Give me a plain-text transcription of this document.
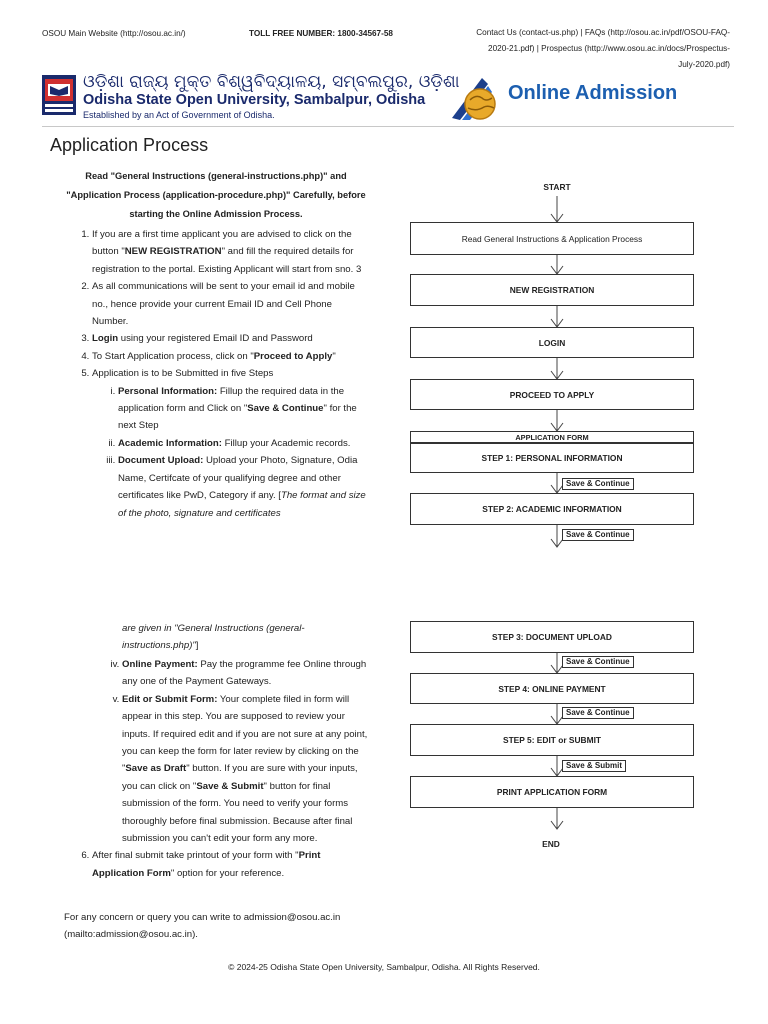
OSOU Main Website (http://osou.ac.in/)	TOLL FREE NUMBER: 1800-34567-58	Contact Us (contact-us.php) | FAQs (http://osou.ac.in/pdf/OSOU-FAQ-
2020-21.pdf) | Prospectus (http://www.osou.ac.in/docs/Prospectus-
July-2020.pdf)
ଓଡ଼ିଶା ରାଜ୍ୟ ମୁକ୍ତ ବିଶ୍ୱବିଦ୍ୟାଳୟ, ସମ୍ବଲପୁର, ଓଡ଼ିଶା
Odisha State Open University, Sambalpur, Odisha
Established by an Act of Government of Odisha.
Online Admission
Application Process
Read "General Instructions (general-instructions.php)" and "Application Process (application-procedure.php)" Carefully, before starting the Online Admission Process.
1. If you are a first time applicant you are advised to click on the button "NEW REGISTRATION" and fill the required details for registration to the portal. Existing Applicant will start from sno. 3
2. As all communications will be sent to your email id and mobile no., hence provide your current Email ID and Cell Phone Number.
3. Login using your registered Email ID and Password
4. To Start Application process, click on "Proceed to Apply"
5. Application is to be Submitted in five Steps
i. Personal Information: Fillup the required data in the application form and Click on "Save & Continue" for the next Step
ii. Academic Information: Fillup your Academic records.
iii. Document Upload: Upload your Photo, Signature, Odia Name, Certifcate of your qualifying degree and other certificates like PwD, Category if any. [The format and size of the photo, signature and certificates
are given in "General Instructions (general-instructions.php)"]
iv. Online Payment: Pay the programme fee Online through any one of the Payment Gateways.
v. Edit or Submit Form: Your complete filed in form will appear in this step. You are supposed to review your inputs. If required edit and if you are not sure at any point, you can keep the form for later review by clicking on the "Save as Draft" button. If you are sure with your inputs, you can click on "Save & Submit" button for final submission of the form. You need to verify your forms thoroughly before final submission. Because after final submission you can't edit your form any more.
6. After final submit take printout of your form with "Print Application Form" option for your reference.
For any concern or query you can write to admission@osou.ac.in (mailto:admission@osou.ac.in).
© 2024-25 Odisha State Open University, Sambalpur, Odisha. All Rights Reserved.
START
Read General Instructions & Application Process
NEW REGISTRATION
LOGIN
PROCEED TO APPLY
APPLICATION FORM
STEP 1: PERSONAL INFORMATION
Save & Continue
STEP 2: ACADEMIC INFORMATION
Save & Continue
STEP 3: DOCUMENT UPLOAD
Save & Continue
STEP 4: ONLINE PAYMENT
Save & Continue
STEP 5: EDIT or SUBMIT
Save & Submit
PRINT APPLICATION FORM
END
